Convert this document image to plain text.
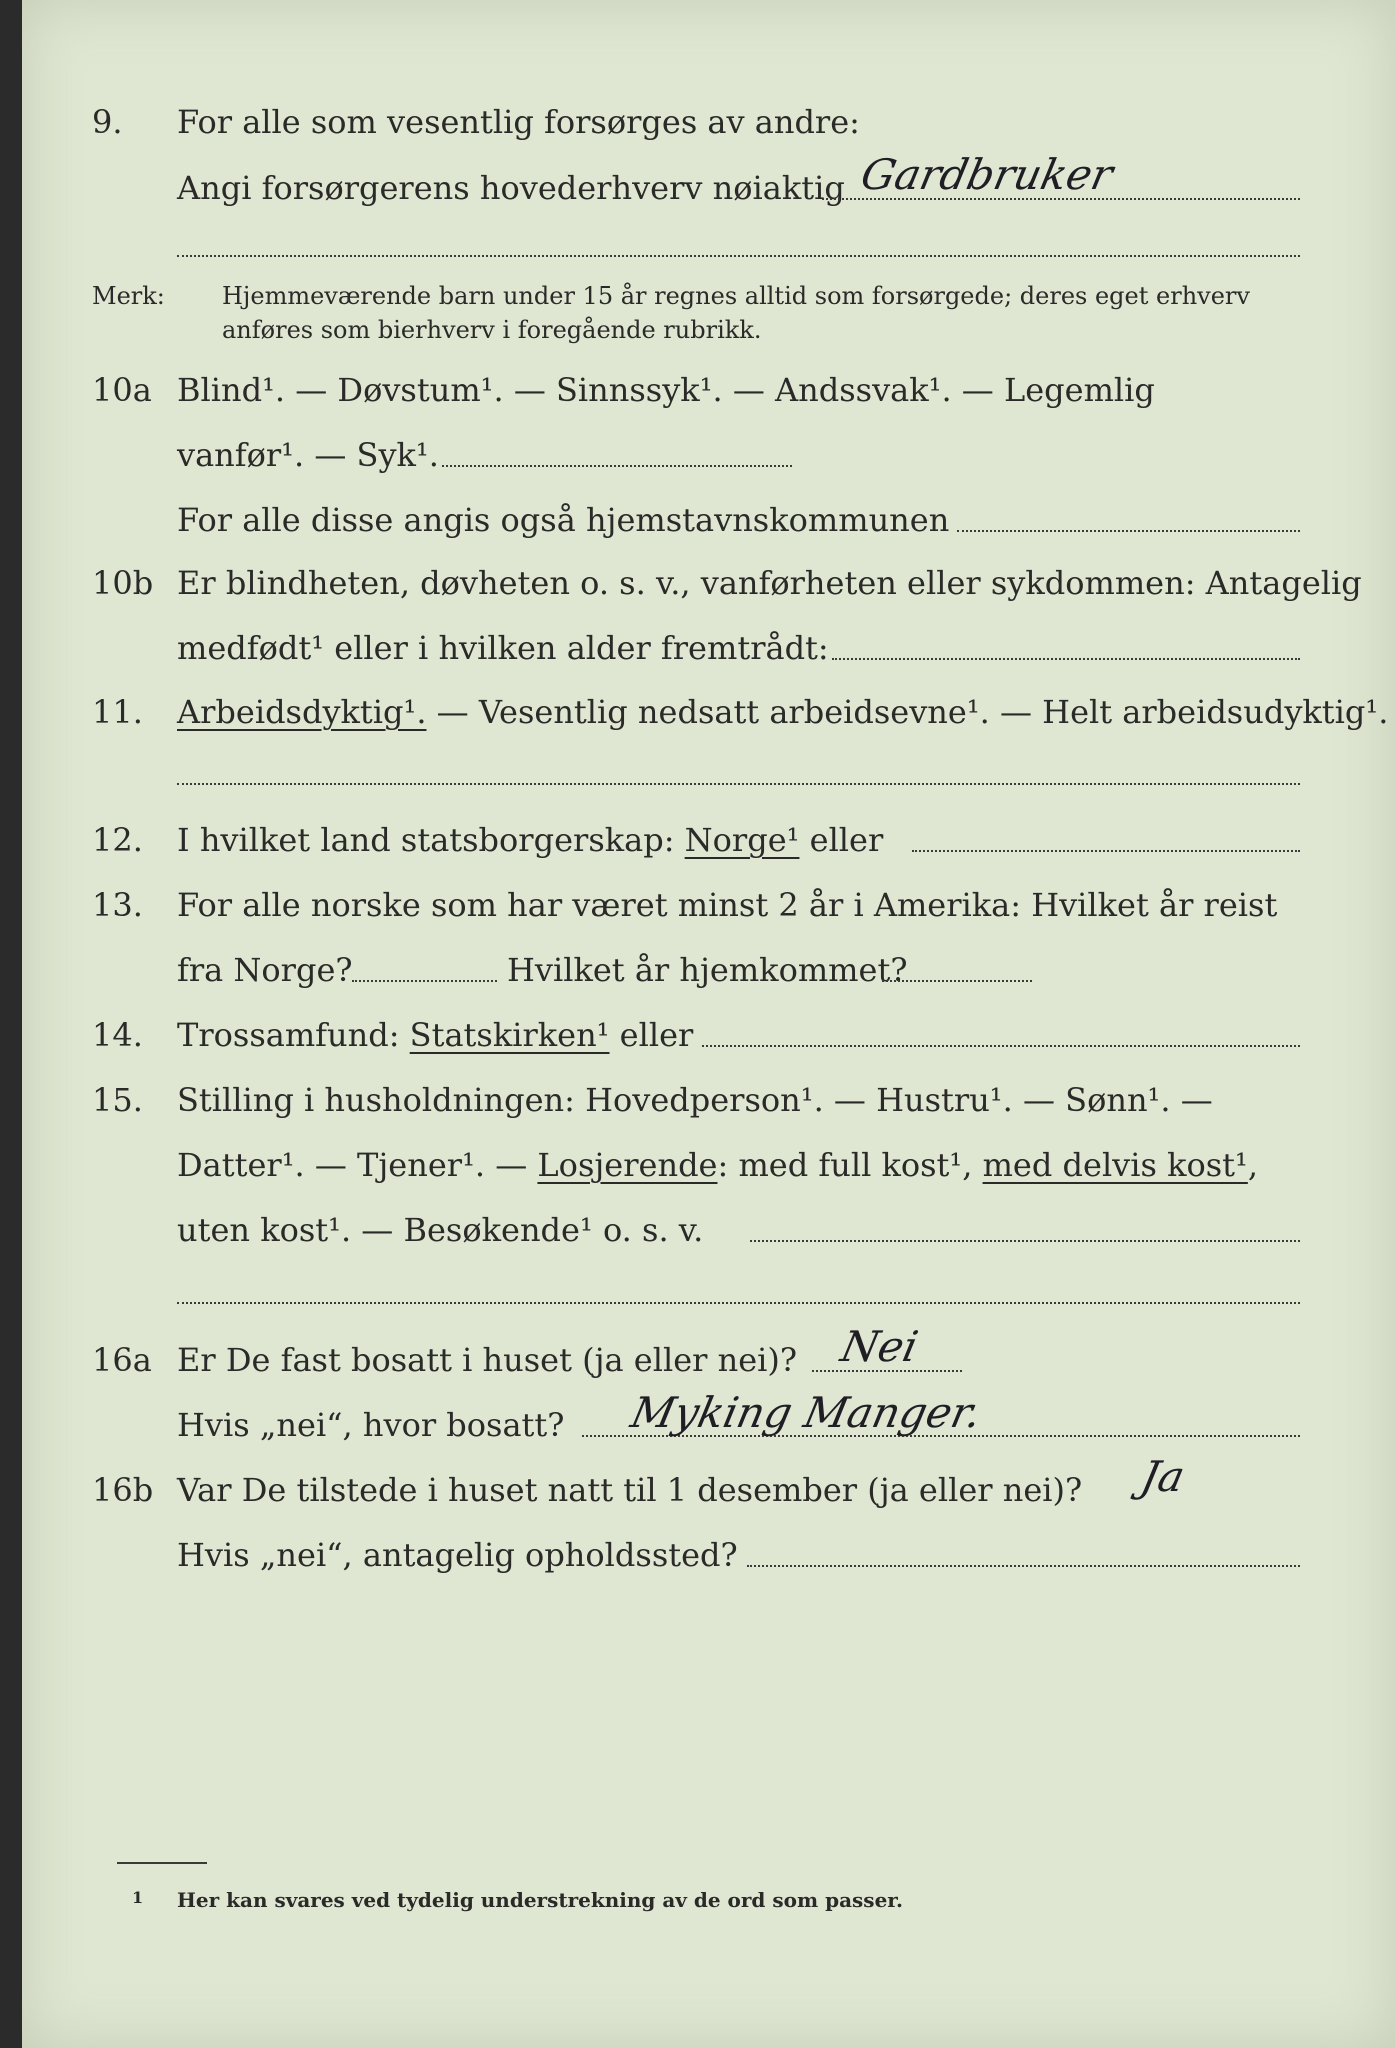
9.	For alle som vesentlig forsørges av andre:
Angi forsørgerens hovederhverv nøiaktig Gardbruker
Merk: Hjemmeværende barn under 15 år regnes alltid som forsørgede; deres eget erhverv
anføres som bierhverv i foregående rubrikk.
10a Blind¹. — Døvstum¹. — Sinnssyk¹. — Andssvak¹. — Legemlig
vanfør¹. — Syk¹.
For alle disse angis også hjemstavnskommunen
10b Er blindheten, døvheten o. s. v., vanførheten eller sykdommen: Antagelig
medfødt¹ eller i hvilken alder fremtrådt:
11.	Arbeidsdyktig¹. — Vesentlig nedsatt arbeidsevne¹. — Helt arbeidsudyktig¹.
12.	I hvilket land statsborgerskap: Norge¹ eller
13.	For alle norske som har været minst 2 år i Amerika: Hvilket år reist
fra Norge?	Hvilket år hjemkommet?
14.	Trossamfund: Statskirken¹ eller
15.	Stilling i husholdningen: Hovedperson¹. — Hustru¹. — Sønn¹. —
Datter¹. — Tjener¹. — Losjerende: med full kost¹, med delvis kost¹,
uten kost¹. — Besøkende¹ o. s. v.
16a Er De fast bosatt i huset (ja eller nei)? Nei
Hvis „nei“, hvor bosatt? Myking Manger.
16b Var De tilstede i huset natt til 1 desember (ja eller nei)? Ja
Hvis „nei“, antagelig opholdssted?
1 Her kan svares ved tydelig understrekning av de ord som passer.
